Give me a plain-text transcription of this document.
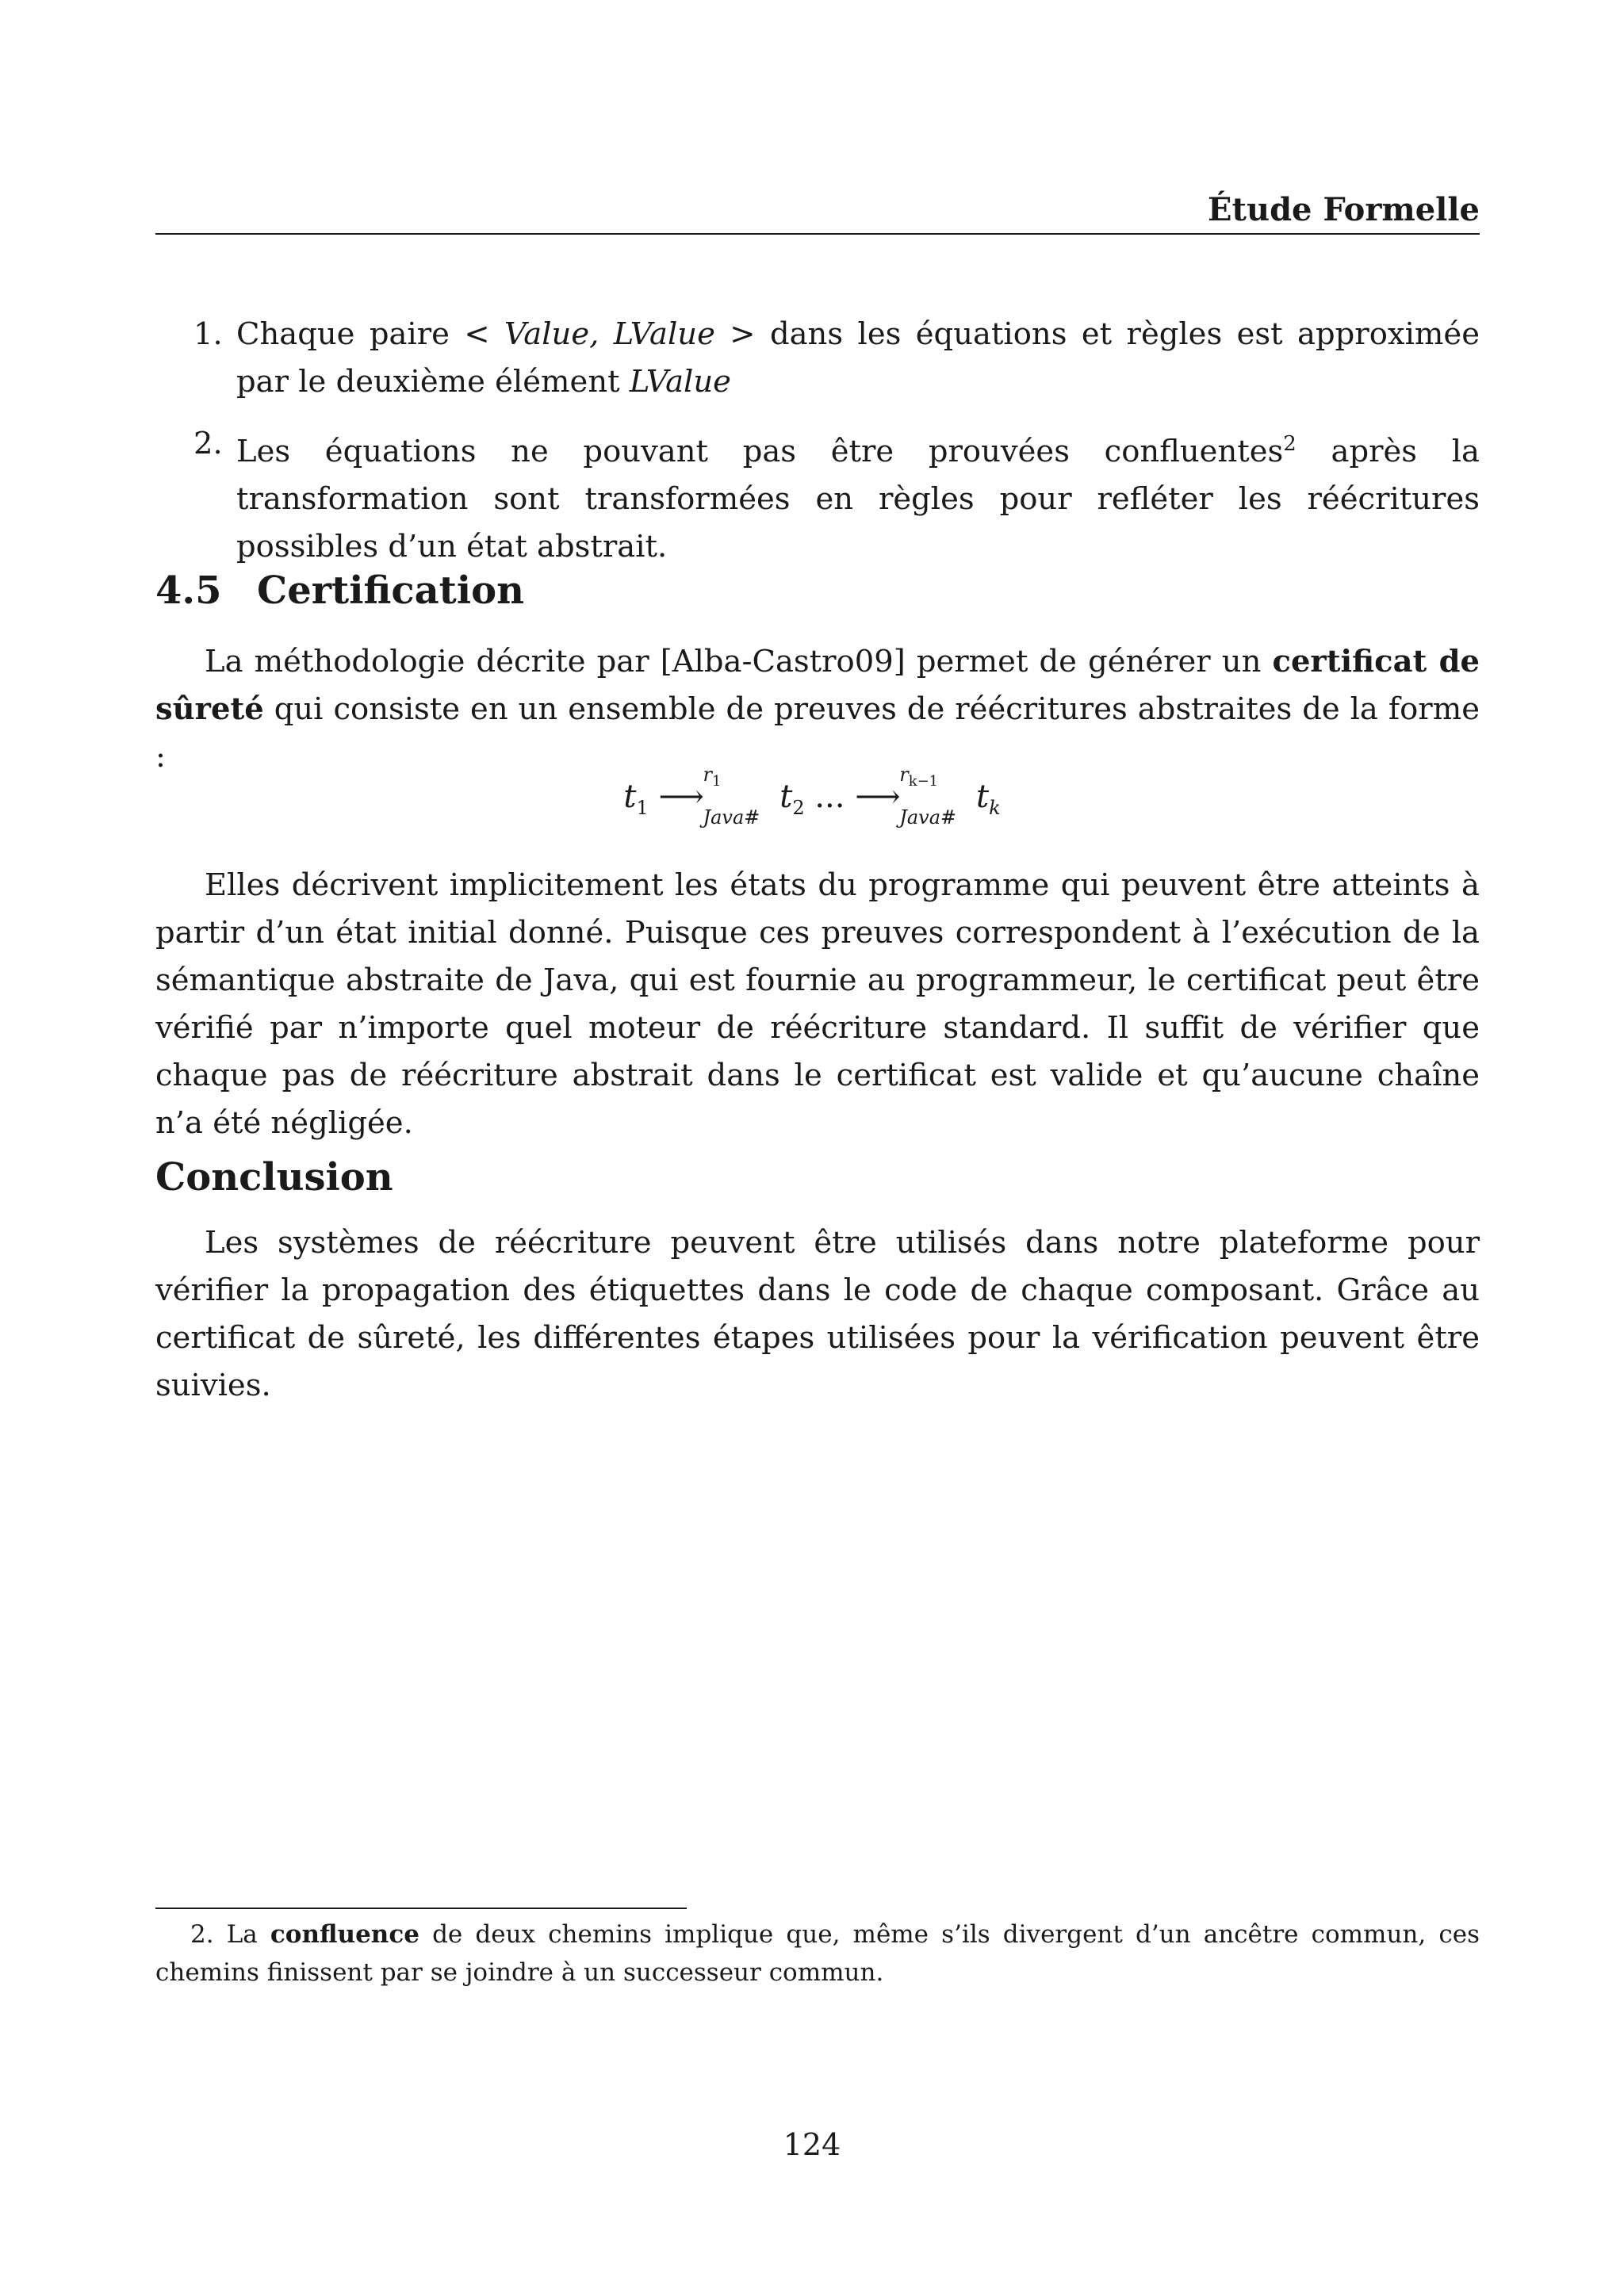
Étude Formelle
1. Chaque paire < Value, LValue > dans les équations et règles est approximée par le deuxième élément LValue
2. Les équations ne pouvant pas être prouvées confluentes$^2$ après la transformation sont transformées en règles pour refléter les réécritures possibles d’un état abstrait.
4.5 Certification

La méthodologie décrite par [Alba-Castro09] permet de générer un certificat de sûreté qui consiste en un ensemble de preuves de réécritures abstraites de la forme :

$t_1$ ⟶
$r_1$
Java#
$t_2$ ... ⟶
$r_{k-1}$
Java#
$t_k$

Elles décrivent implicitement les états du programme qui peuvent être atteints à partir d’un état initial donné. Puisque ces preuves correspondent à l’exécution de la sémantique abstraite de Java, qui est fournie au programmeur, le certificat peut être vérifié par n’importe quel moteur de réécriture standard. Il suffit de vérifier que chaque pas de réécriture abstrait dans le certificat est valide et qu’aucune chaîne n’a été négligée.

Conclusion

Les systèmes de réécriture peuvent être utilisés dans notre plateforme pour vérifier la propagation des étiquettes dans le code de chaque composant. Grâce au certificat de sûreté, les différentes étapes utilisées pour la vérification peuvent être suivies.

2. La confluence de deux chemins implique que, même s’ils divergent d’un ancêtre commun, ces chemins finissent par se joindre à un successeur commun.
124
